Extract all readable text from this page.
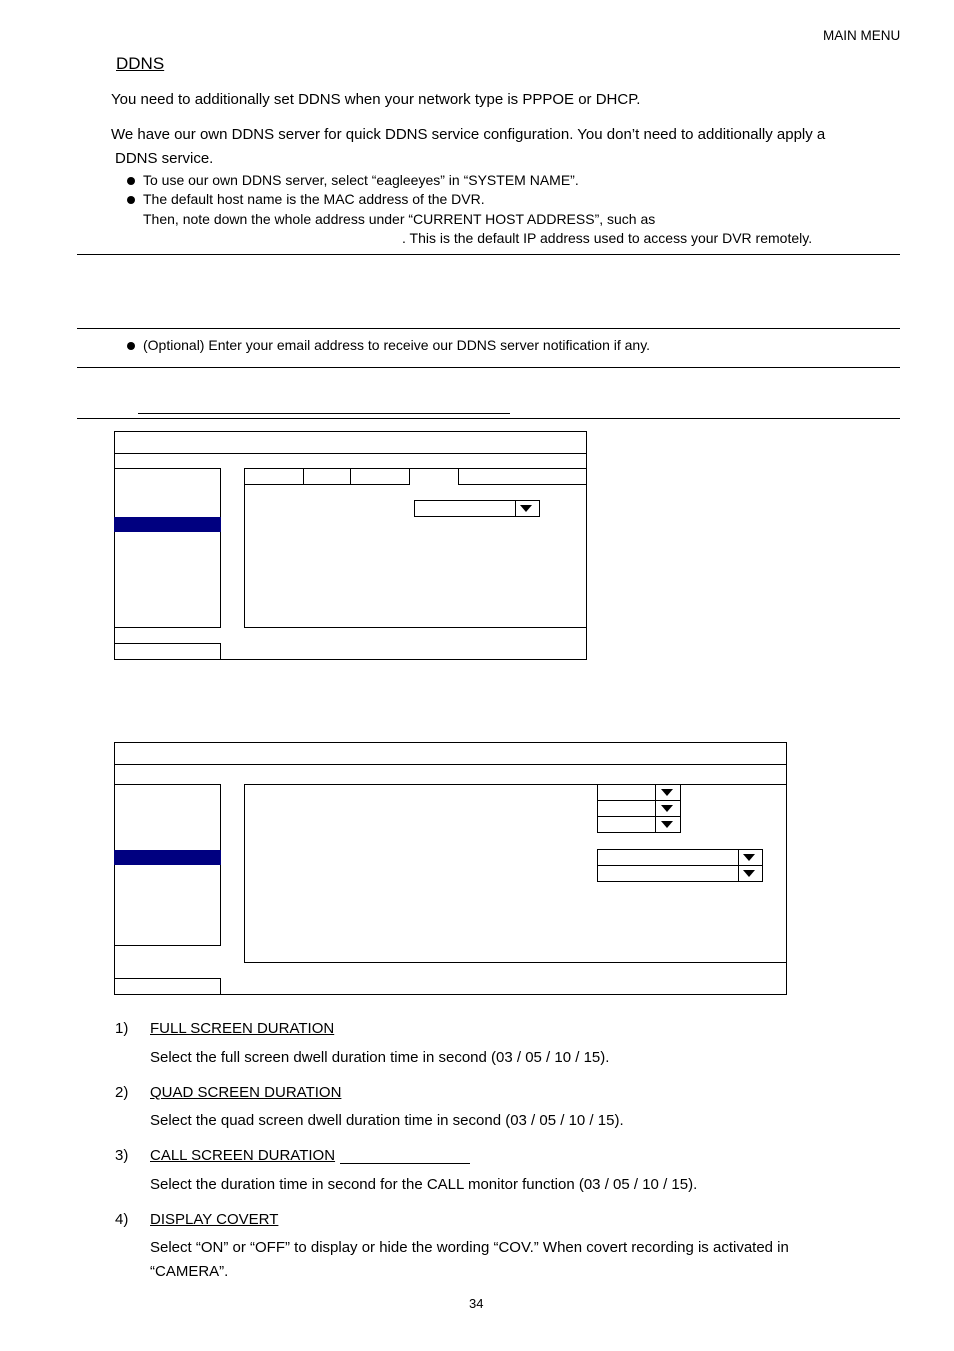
MAIN MENU
DDNS
You need to additionally set DDNS when your network type is PPPOE or DHCP.
We have our own DDNS server for quick DDNS service configuration. You don’t need to additionally apply a
DDNS service.
To use our own DDNS server, select “eagleeyes” in “SYSTEM NAME”.
The default host name is the MAC address of the DVR.
Then, note down the whole address under “CURRENT HOST ADDRESS”, such as
. This is the default IP address used to access your DVR remotely.
(Optional) Enter your email address to receive our DDNS server notification if any.
1) FULL SCREEN DURATION
Select the full screen dwell duration time in second (03 / 05 / 10 / 15).
2) QUAD SCREEN DURATION
Select the quad screen dwell duration time in second (03 / 05 / 10 / 15).
3) CALL SCREEN DURATION
Select the duration time in second for the CALL monitor function (03 / 05 / 10 / 15).
4) DISPLAY COVERT
Select “ON” or “OFF” to display or hide the wording “COV.” When covert recording is activated in
“CAMERA”.
34
